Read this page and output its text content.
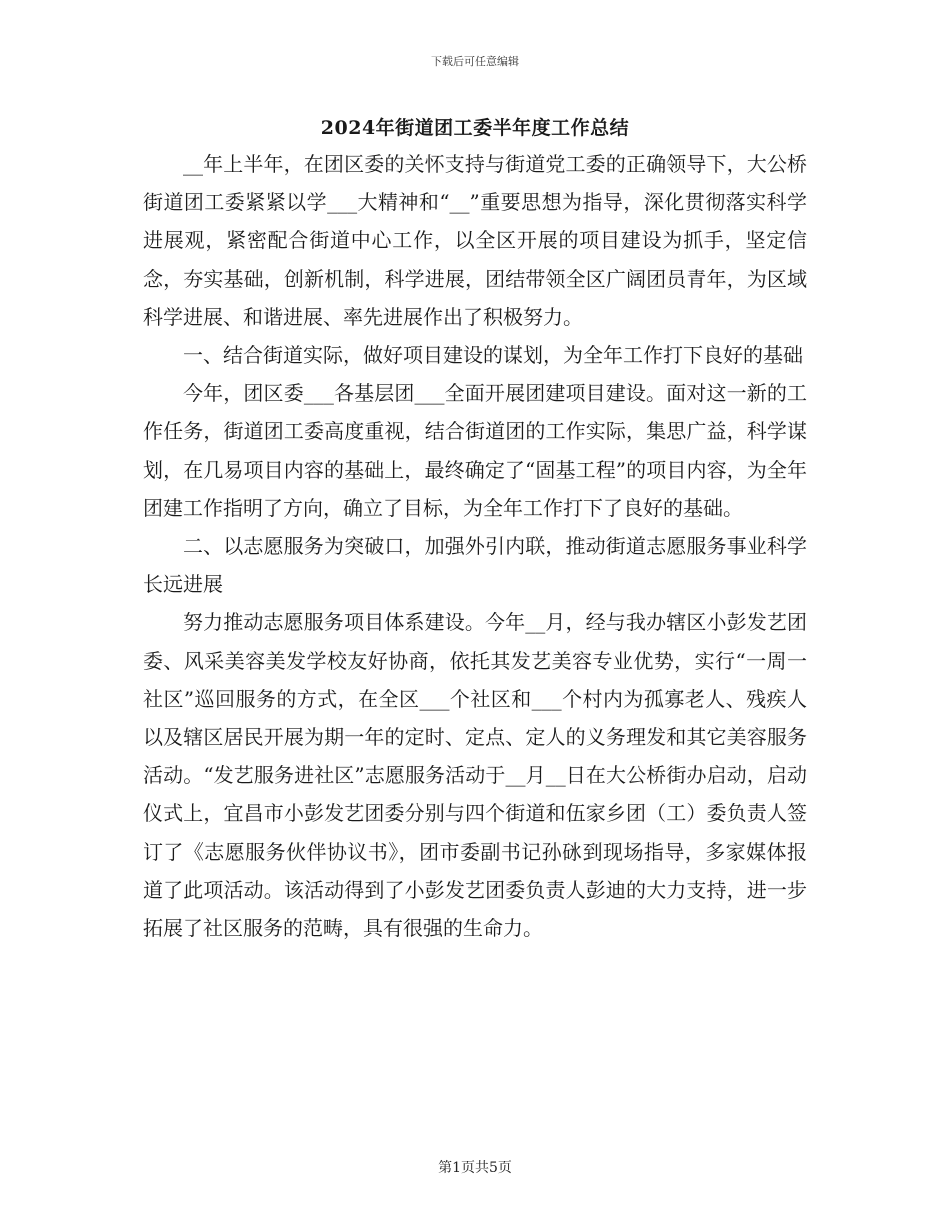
下载后可任意编辑
2024年街道团工委半年度工作总结

__年上半年，在团区委的关怀支持与街道党工委的正确领导下，大公桥街道团工委紧紧以学___大精神和“__”重要思想为指导，深化贯彻落实科学进展观，紧密配合街道中心工作，以全区开展的项目建设为抓手，坚定信念，夯实基础，创新机制，科学进展，团结带领全区广阔团员青年，为区域科学进展、和谐进展、率先进展作出了积极努力。

一、结合街道实际，做好项目建设的谋划，为全年工作打下良好的基础

今年，团区委___各基层团___全面开展团建项目建设。面对这一新的工作任务，街道团工委高度重视，结合街道团的工作实际，集思广益，科学谋划，在几易项目内容的基础上，最终确定了“固基工程”的项目内容，为全年团建工作指明了方向，确立了目标，为全年工作打下了良好的基础。

二、以志愿服务为突破口，加强外引内联，推动街道志愿服务事业科学长远进展

努力推动志愿服务项目体系建设。今年__月，经与我办辖区小彭发艺团委、风采美容美发学校友好协商，依托其发艺美容专业优势，实行“一周一社区”巡回服务的方式，在全区___个社区和___个村内为孤寡老人、残疾人以及辖区居民开展为期一年的定时、定点、定人的义务理发和其它美容服务活动。“发艺服务进社区”志愿服务活动于__月__日在大公桥街办启动，启动仪式上，宜昌市小彭发艺团委分别与四个街道和伍家乡团（工）委负责人签订了《志愿服务伙伴协议书》，团市委副书记孙砯到现场指导，多家媒体报道了此项活动。该活动得到了小彭发艺团委负责人彭迪的大力支持，进一步拓展了社区服务的范畴，具有很强的生命力。

第1页共5页
